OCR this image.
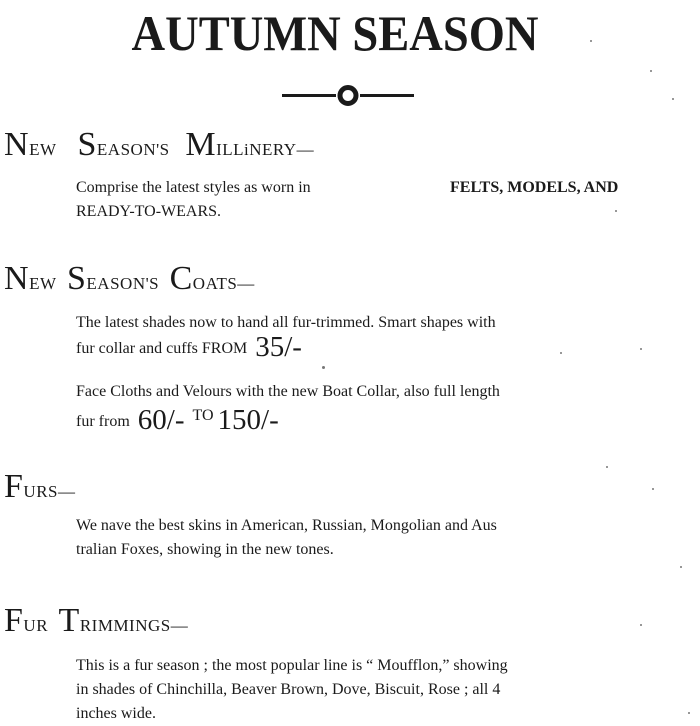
AUTUMN SEASON
NEW SEASON'S MILLiNERY—
Comprise the latest styles as worn in	FELTS, MODELS, AND

READY-TO-WEARS.
NEW SEASON'S COATS—
The latest shades now to hand all fur-trimmed. Smart shapes with
fur collar and cuffs FROM 35/-
Face Cloths and Velours with the new Boat Collar, also full length
fur from 60/- TO 150/-
FURS—
We nave the best skins in American, Russian, Mongolian and Aus
tralian Foxes, showing in the new tones.
FUR TRIMMINGS—
This is a fur season ; the most popular line is “ Moufflon,” showing
in shades of Chinchilla, Beaver Brown, Dove, Biscuit, Rose ; all 4
inches wide.
